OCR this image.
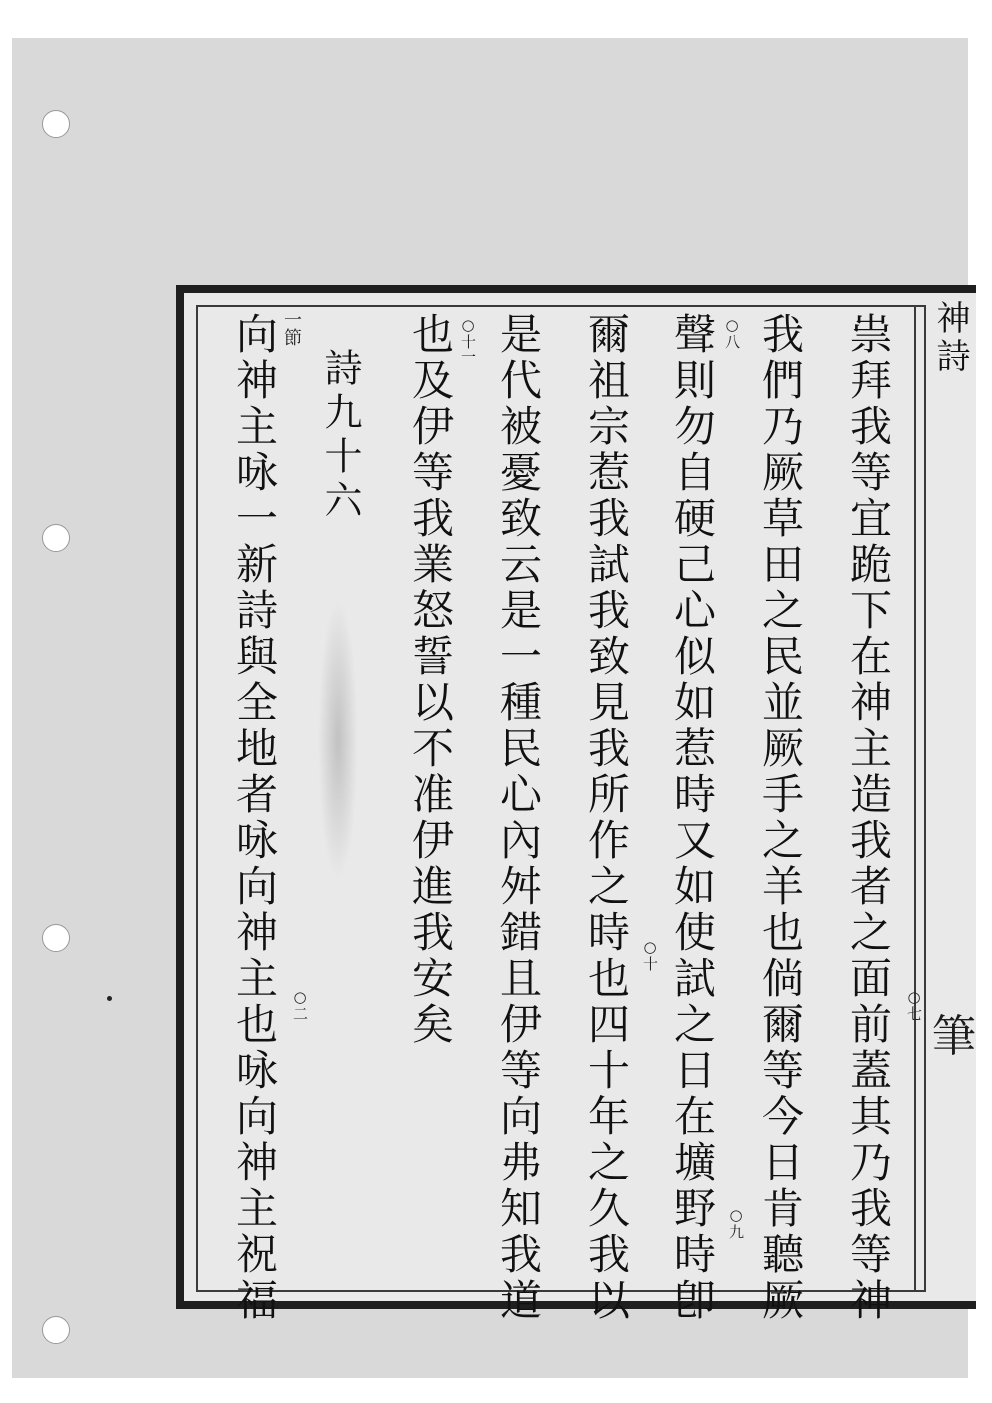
神詩
筆
祟拜我等宜跪下在神主造我者之面前蓋其乃我等神
我們乃厥草田之民並厥手之羊也倘爾等今日肯聽厥
聲則勿自硬己心似如惹時又如使試之日在壙野時卽
爾祖宗惹我試我致見我所作之時也四十年之久我以
是代被憂致云是一種民心內舛錯且伊等向弗知我道
也及伊等我業怒誓以不准伊進我安矣
詩九十六
向神主咏一新詩與全地者咏向神主也咏向神主祝福	○七
○八
○九
○十
○十一
○二
一節
